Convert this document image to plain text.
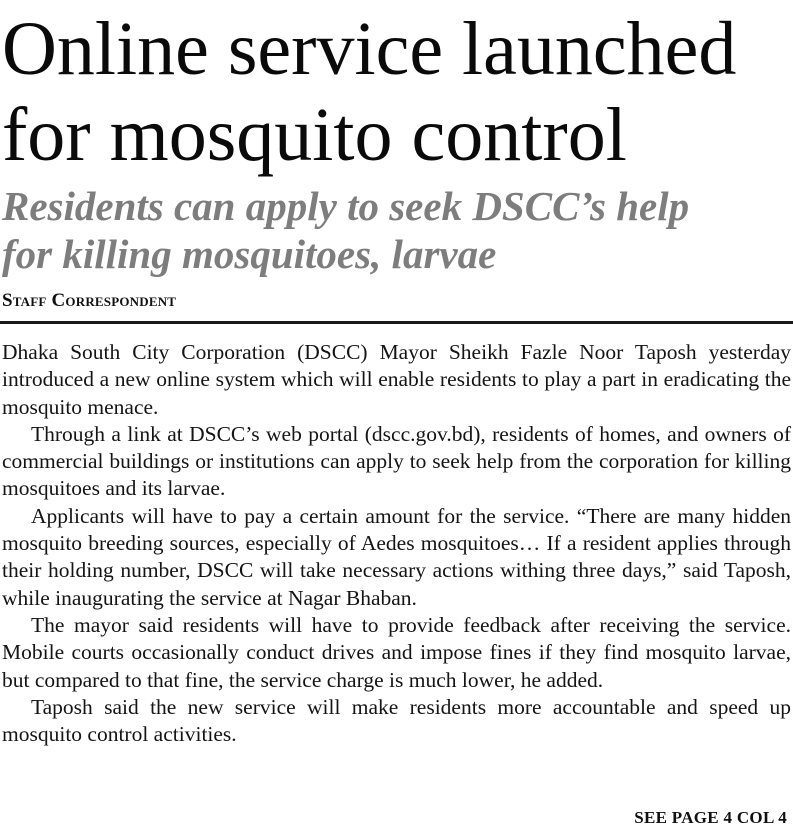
Online service launched
for mosquito control
Residents can apply to seek DSCC’s help
for killing mosquitoes, larvae
Staff Correspondent

Dhaka South City Corporation (DSCC) Mayor Sheikh Fazle Noor Taposh yesterday introduced a new online system which will enable residents to play a part in eradicating the mosquito menace.

Through a link at DSCC’s web portal (dscc.gov.bd), residents of homes, and owners of commercial buildings or institutions can apply to seek help from the corporation for killing mosquitoes and its larvae.

Applicants will have to pay a certain amount for the service. “There are many hidden mosquito breeding sources, especially of Aedes mosquitoes… If a resident applies through their holding number, DSCC will take necessary actions withing three days,” said Taposh, while inaugurating the service at Nagar Bhaban.

The mayor said residents will have to provide feedback after receiving the service. Mobile courts occasionally conduct drives and impose fines if they find mosquito larvae, but compared to that fine, the service charge is much lower, he added.

Taposh said the new service will make residents more accountable and speed up mosquito control activities.

SEE PAGE 4 COL 4
